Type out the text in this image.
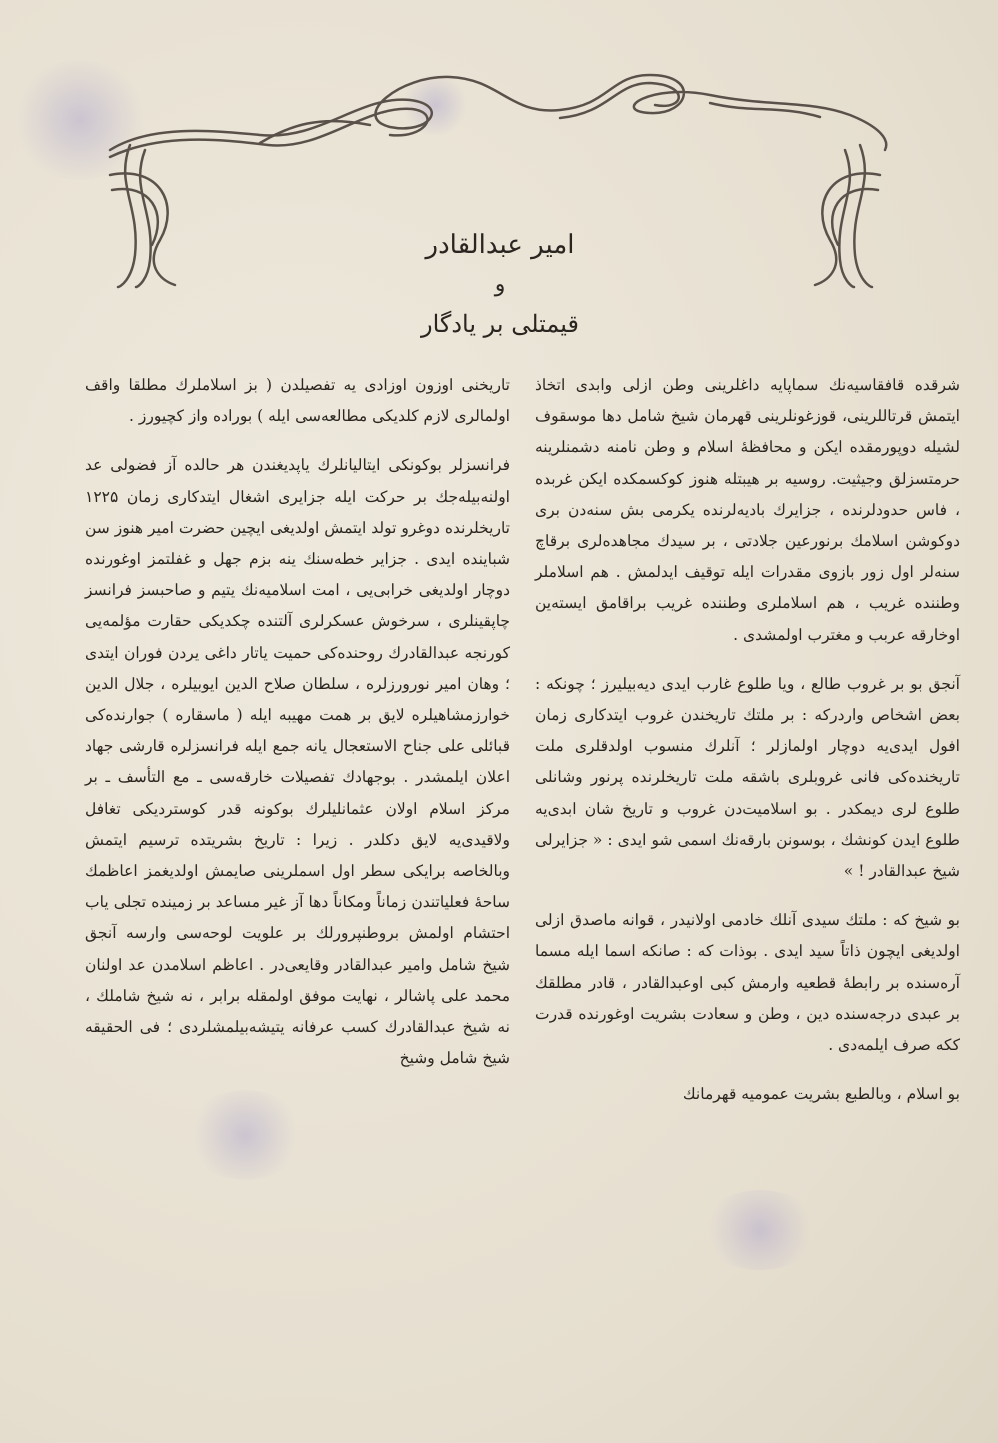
امیر عبدالقادر
و
قیمتلی بر یادگار

شرقده قافقاسیه‌نك سماپایه داغلرینی وطن ازلی وابدی اتخاذ ایتمش قرتاللرینی، قوزغونلرینی قهرمان شیخ شامل دها موسقوف لشیله دوپورمقده ایکن و محافظهٔ اسلام و وطن نامنه دشمنلرینه حرمتسزلق وجیثیت. روسیه بر هیبتله هنوز کوکسمکده ایکن غربده ، فاس حدودلرنده ، جزایرك بادیه‌لرنده یکرمی بش سنه‌دن بری دوکوشن اسلامك برنورعین جلادتی ، بر سیدك مجاهده‌لری برقاچ سنه‌لر اول زور بازوی مقدرات ایله توقیف ایدلمش . هم اسلاملر وطننده غریب ، هم اسلاملری وطننده غریب براقامق ایسته‌ین اوخارقه عربب و مغترب اولمشدی .

آنجق بو بر غروب طالع ، ویا طلوع غارب ایدی دیه‌بیلیرز ؛ چونکه : بعض اشخاص واردرکه : بر ملتك تاریخندن غروب ایتدکاری زمان افول ایدی‌یه دوچار اولمازلر ؛ آنلرك منسوب اولدقلری ملت تاریخنده‌کی فانی غروبلری باشقه ملت تاریخلرنده پرنور وشانلی طلوع لری دیمکدر . بو اسلامیت‌دن غروب و تاریخ شان ابدی‌یه طلوع ایدن کونشك ، بوسونن بارقه‌نك اسمی شو ایدی : « جزایرلی شیخ عبدالقادر ! »

بو شیخ که : ملتك سیدی آنلك خادمی اولانیدر ، قوانه ماصدق ازلی اولدیغی ایچون ذاتاً سید ایدی . بوذات که : صانکه اسما ایله مسما آره‌سنده بر رابطهٔ قطعیه وارمش کبی اوعبدالقادر ، قادر مطلقك بر عبدی درجه‌سنده دین ، وطن و سعادت بشریت اوغورنده قدرت ککه صرف ایلمه‌دی .

بو اسلام ، وبالطبع بشریت عمومیه قهرمانك

تاریخنی اوزون اوزادی یه تفصیلدن ( بز اسلاملرك مطلقا واقف اولمالری لازم کلدیکی مطالعه‌سی ایله ) بوراده واز کچیورز .

فرانسزلر بوکونکی ایتالیانلرك یاپدیغندن هر حالده آز فضولی عد اولنه‌بیله‌جك بر حرکت ایله جزایری اشغال ایتدکاری زمان ۱۲۲۵ تاریخلرنده دوغرو تولد ایتمش اولدیغی ایچین حضرت امیر هنوز سن شباینده ایدی . جزایر خطه‌سنك ینه بزم جهل و غفلتمز اوغورنده دوچار اولدیغی خرابی‌یی ، امت اسلامیه‌نك یتیم و صاحبسز فرانسز چاپقینلری ، سرخوش عسکرلری آلتنده چکدیکی حقارت مؤلمه‌یی کورنجه عبدالقادرك روحنده‌کی حمیت یاتار داغی یردن فوران ایتدی ؛ وهان امیر نورورزلره ، سلطان صلاح الدین ایوبیلره ، جلال الدین خوارزمشاهیلره لایق بر همت مهیبه ایله ( ماسقاره ) جوارنده‌کی قبائلی علی جناح الاستعجال یانه جمع ایله فرانسزلره قارشی جهاد اعلان ایلمشدر . بوجهادك تفصیلات خارقه‌سی ـ مع التأسف ـ بر مرکز اسلام اولان عثمانلیلرك بوکونه قدر کوستردیکی تغافل ولاقیدی‌یه لایق دکلدر . زیرا : تاریخ بشریتده ترسیم ایتمش وبالخاصه برایکی سطر اول اسملرینی صایمش اولدیغمز اعاظمك ساحهٔ فعلیاتندن زماناً ومکاناً دها آز غیر مساعد بر زمینده تجلی یاب احتشام اولمش بروطنپرورلك بر علویت لوحه‌سی وارسه آنجق شیخ شامل وامیر عبدالقادر وقایعی‌در . اعاظم اسلامدن عد اولنان محمد علی پاشالر ، نهایت موفق اولمقله برابر ، نه شیخ شاملك ، نه شیخ عبدالقادرك کسب عرفانه یتیشه‌بیلمشلردی ؛ فی الحقیقه شیخ شامل وشیخ
